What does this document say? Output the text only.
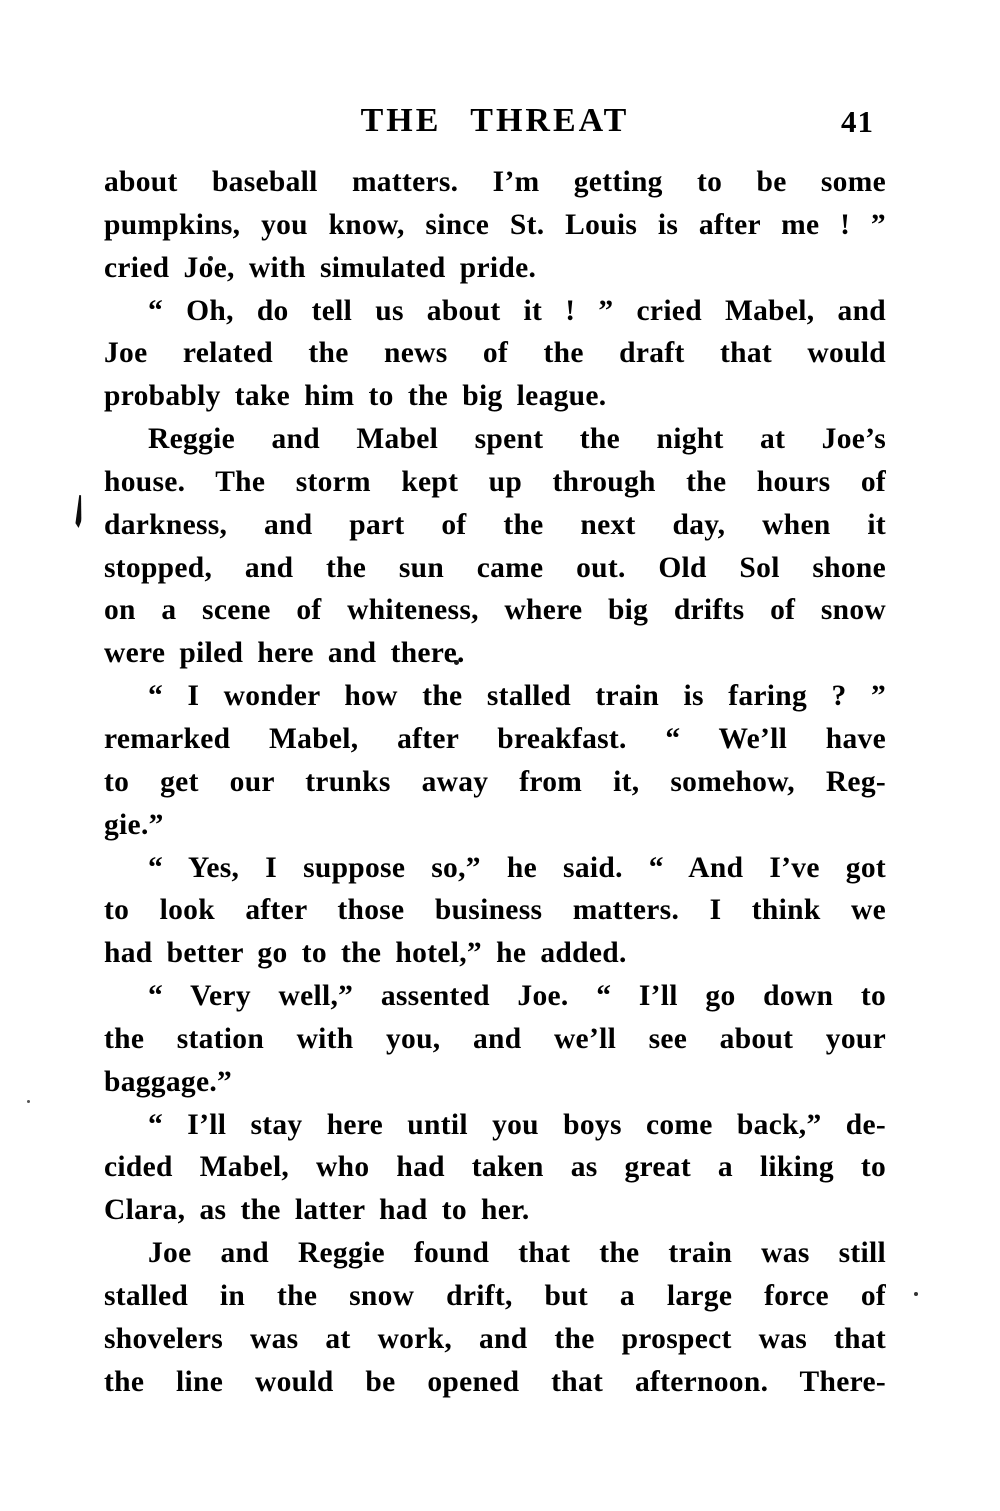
THE THREAT	41
about baseball matters. I’m getting to be some
pumpkins, you know, since St. Louis is after me ! ”
cried Joe, with simulated pride.
“ Oh, do tell us about it ! ” cried Mabel, and
Joe related the news of the draft that would
probably take him to the big league.
Reggie and Mabel spent the night at Joe’s
house. The storm kept up through the hours of
darkness, and part of the next day, when it
stopped, and the sun came out. Old Sol shone
on a scene of whiteness, where big drifts of snow
were piled here and there.
“ I wonder how the stalled train is faring ? ”
remarked Mabel, after breakfast. “ We’ll have
to get our trunks away from it, somehow, Reg-
gie.”
“ Yes, I suppose so,” he said. “ And I’ve got
to look after those business matters. I think we
had better go to the hotel,” he added.
“ Very well,” assented Joe. “ I’ll go down to
the station with you, and we’ll see about your
baggage.”
“ I’ll stay here until you boys come back,” de-
cided Mabel, who had taken as great a liking to
Clara, as the latter had to her.
Joe and Reggie found that the train was still
stalled in the snow drift, but a large force of
shovelers was at work, and the prospect was that
the line would be opened that afternoon. There-
